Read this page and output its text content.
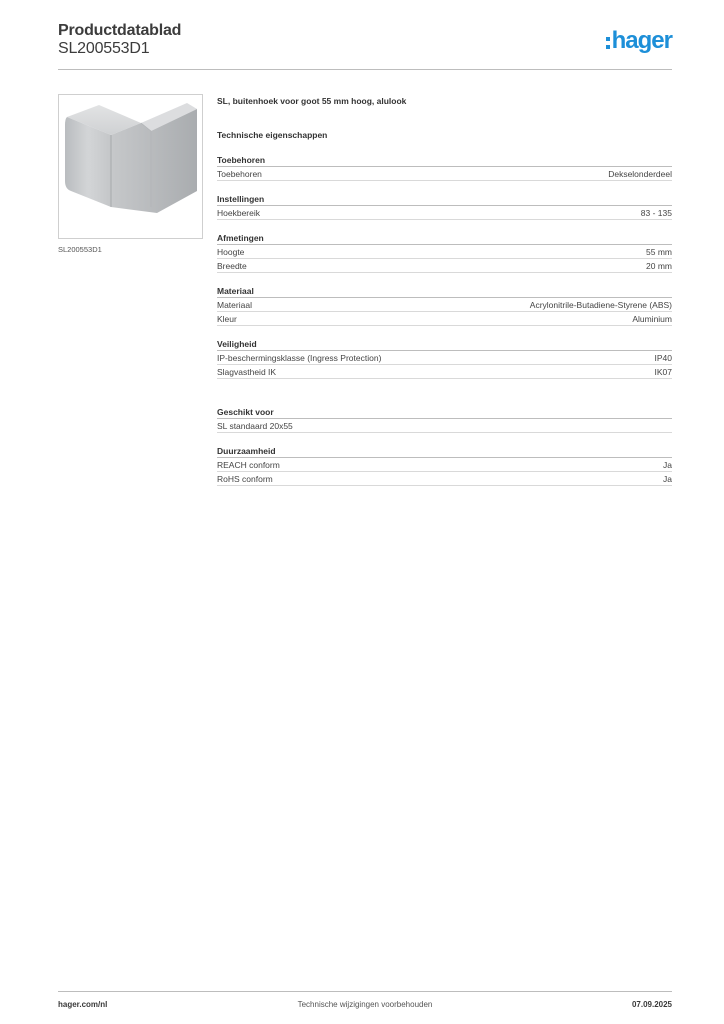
Productdatablad
SL200553D1	hager
SL200553D1
SL, buitenhoek voor goot 55 mm hoog, alulook
Technische eigenschappen
Toebehoren
Toebehoren	Dekselonderdeel
Instellingen
Hoekbereik	83 - 135
Afmetingen
Hoogte	55 mm
Breedte	20 mm
Materiaal
Materiaal	Acrylonitrile-Butadiene-Styrene (ABS)
Kleur	Aluminium
Veiligheid
IP-beschermingsklasse (Ingress Protection)	IP40
Slagvastheid IK	IK07
Geschikt voor
SL standaard 20x55
Duurzaamheid
REACH conform	Ja
RoHS conform	Ja
hager.com/nl	Technische wijzigingen voorbehouden	07.09.2025
